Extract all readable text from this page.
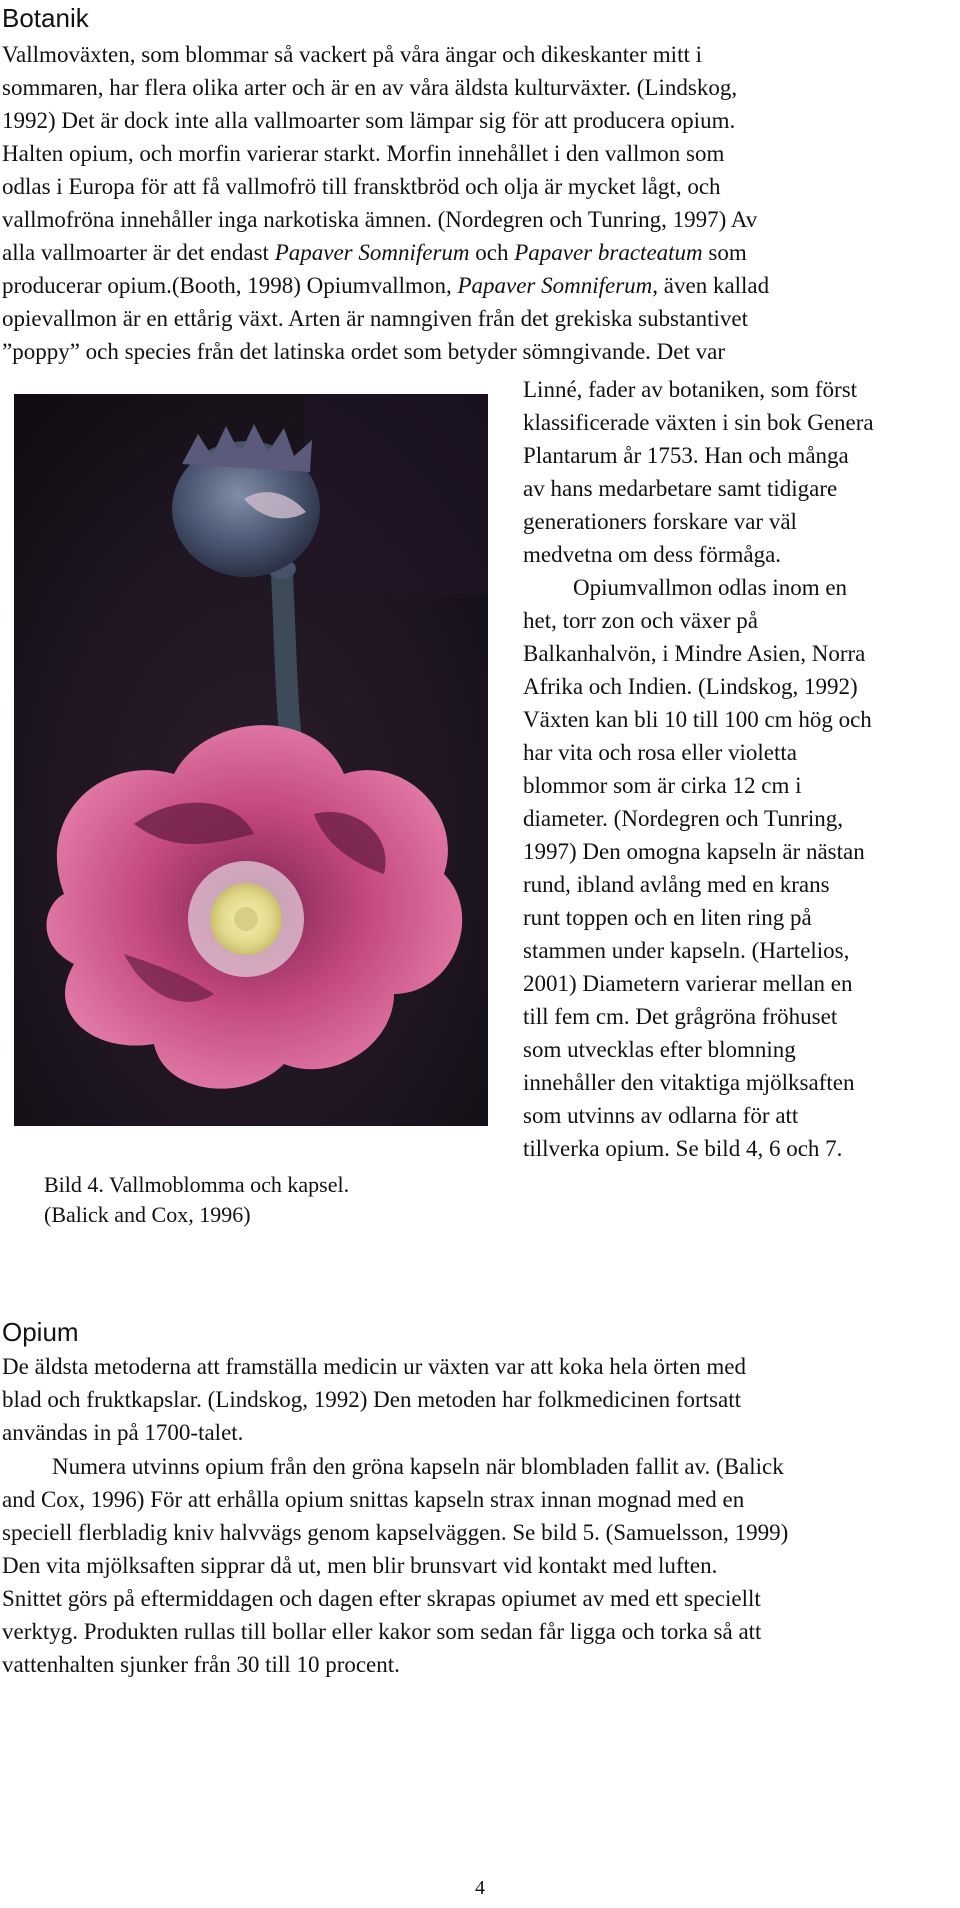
Botanik
Vallmoväxten, som blommar så vackert på våra ängar och dikeskanter mitt i
sommaren, har flera olika arter och är en av våra äldsta kulturväxter. (Lindskog,
1992) Det är dock inte alla vallmoarter som lämpar sig för att producera opium.
Halten opium, och morfin varierar starkt. Morfin innehållet i den vallmon som
odlas i Europa för att få vallmofrö till fransktbröd och olja är mycket lågt, och
vallmofröna innehåller inga narkotiska ämnen. (Nordegren och Tunring, 1997) Av
alla vallmoarter är det endast Papaver Somniferum och Papaver bracteatum som
producerar opium.(Booth, 1998) Opiumvallmon, Papaver Somniferum, även kallad
opievallmon är en ettårig växt. Arten är namngiven från det grekiska substantivet
”poppy” och species från det latinska ordet som betyder sömngivande. Det var
Linné, fader av botaniken, som först
klassificerade växten i sin bok Genera
Plantarum år 1753. Han och många
av hans medarbetare samt tidigare
generationers forskare var väl
medvetna om dess förmåga.
Opiumvallmon odlas inom en
het, torr zon och växer på
Balkanhalvön, i Mindre Asien, Norra
Afrika och Indien. (Lindskog, 1992)
Växten kan bli 10 till 100 cm hög och
har vita och rosa eller violetta
blommor som är cirka 12 cm i
diameter. (Nordegren och Tunring,
1997) Den omogna kapseln är nästan
rund, ibland avlång med en krans
runt toppen och en liten ring på
stammen under kapseln. (Hartelios,
2001) Diametern varierar mellan en
till fem cm. Det grågröna fröhuset
som utvecklas efter blomning
innehåller den vitaktiga mjölksaften
som utvinns av odlarna för att
tillverka opium. Se bild 4, 6 och 7.

Bild 4. Vallmoblomma och kapsel.
(Balick and Cox, 1996)

Opium
De äldsta metoderna att framställa medicin ur växten var att koka hela örten med
blad och fruktkapslar. (Lindskog, 1992) Den metoden har folkmedicinen fortsatt
användas in på 1700-talet.
Numera utvinns opium från den gröna kapseln när blombladen fallit av. (Balick
and Cox, 1996) För att erhålla opium snittas kapseln strax innan mognad med en
speciell flerbladig kniv halvvägs genom kapselväggen. Se bild 5. (Samuelsson, 1999)
Den vita mjölksaften sipprar då ut, men blir brunsvart vid kontakt med luften.
Snittet görs på eftermiddagen och dagen efter skrapas opiumet av med ett speciellt
verktyg. Produkten rullas till bollar eller kakor som sedan får ligga och torka så att
vattenhalten sjunker från 30 till 10 procent.
4
